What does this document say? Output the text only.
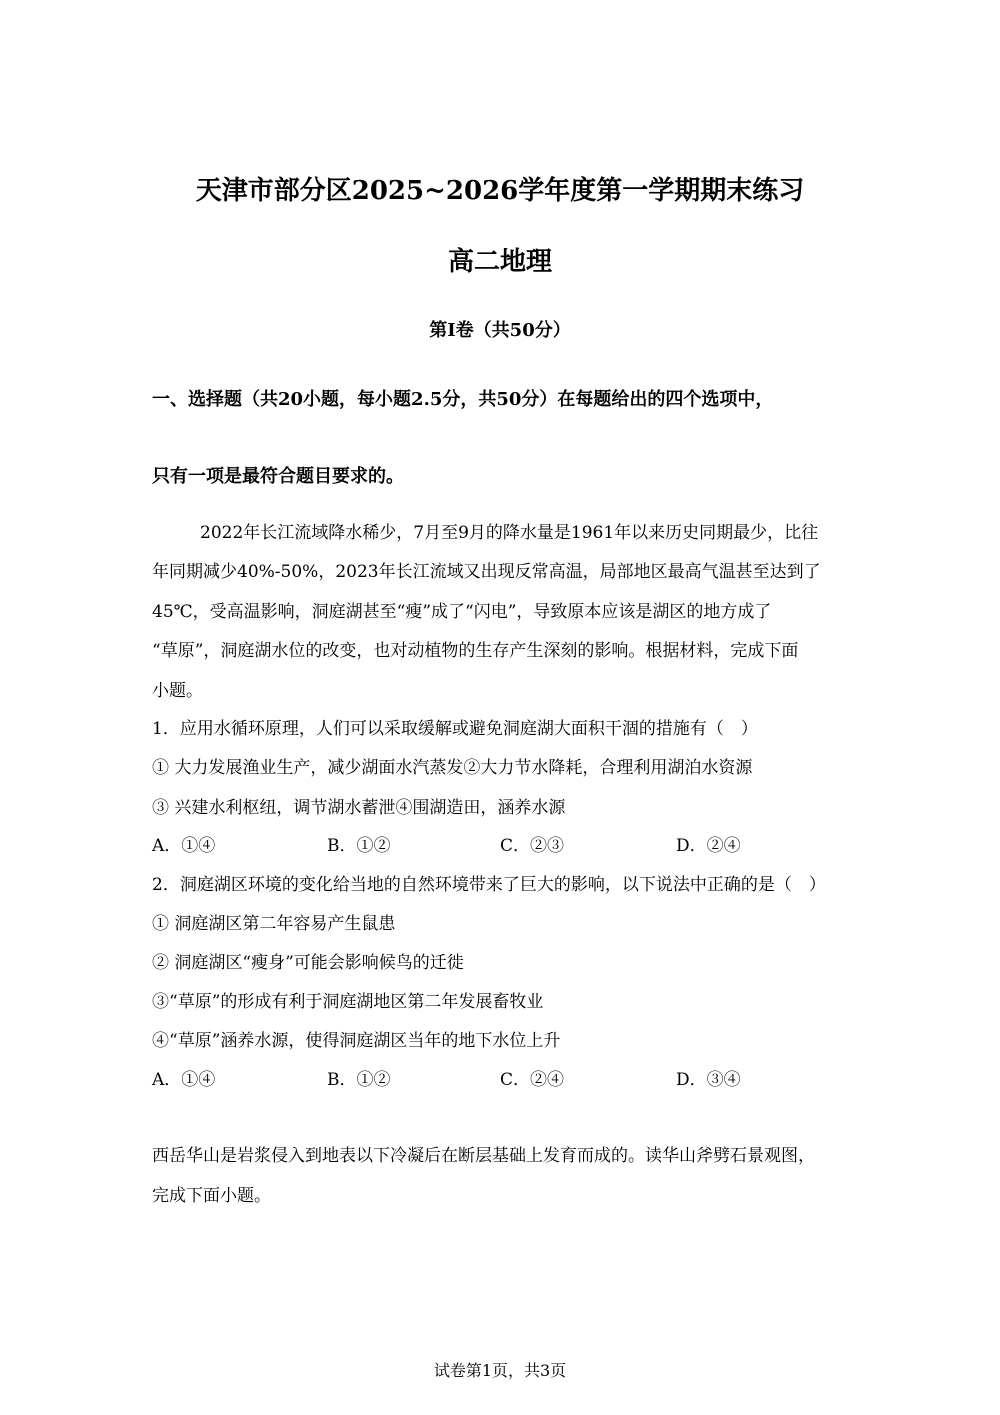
天津市部分区2025~2026学年度第一学期期末练习
高二地理
第Ⅰ卷（共50分）
一、选择题（共20小题，每小题2.5分，共50分）在每题给出的四个选项中，
只有一项是最符合题目要求的。
2022年长江流域降水稀少，7月至9月的降水量是1961年以来历史同期最少，比往
年同期减少40%-50%，2023年长江流域又出现反常高温，局部地区最高气温甚至达到了
45℃，受高温影响，洞庭湖甚至“瘦”成了“闪电”，导致原本应该是湖区的地方成了
“草原”，洞庭湖水位的改变，也对动植物的生存产生深刻的影响。根据材料，完成下面
小题。
1．应用水循环原理，人们可以采取缓解或避免洞庭湖大面积干涸的措施有（　）
① 大力发展渔业生产，减少湖面水汽蒸发②大力节水降耗，合理利用湖泊水资源
③ 兴建水利枢纽，调节湖水蓄泄④围湖造田，涵养水源
A．①④	B．①②	C．②③	D．②④
2．洞庭湖区环境的变化给当地的自然环境带来了巨大的影响，以下说法中正确的是（　）
① 洞庭湖区第二年容易产生鼠患
② 洞庭湖区“瘦身”可能会影响候鸟的迁徙
③“草原”的形成有利于洞庭湖地区第二年发展畜牧业
④“草原”涵养水源，使得洞庭湖区当年的地下水位上升
A．①④	B．①②	C．②④	D．③④
西岳华山是岩浆侵入到地表以下冷凝后在断层基础上发育而成的。读华山斧劈石景观图，
完成下面小题。
试卷第1页，共3页
